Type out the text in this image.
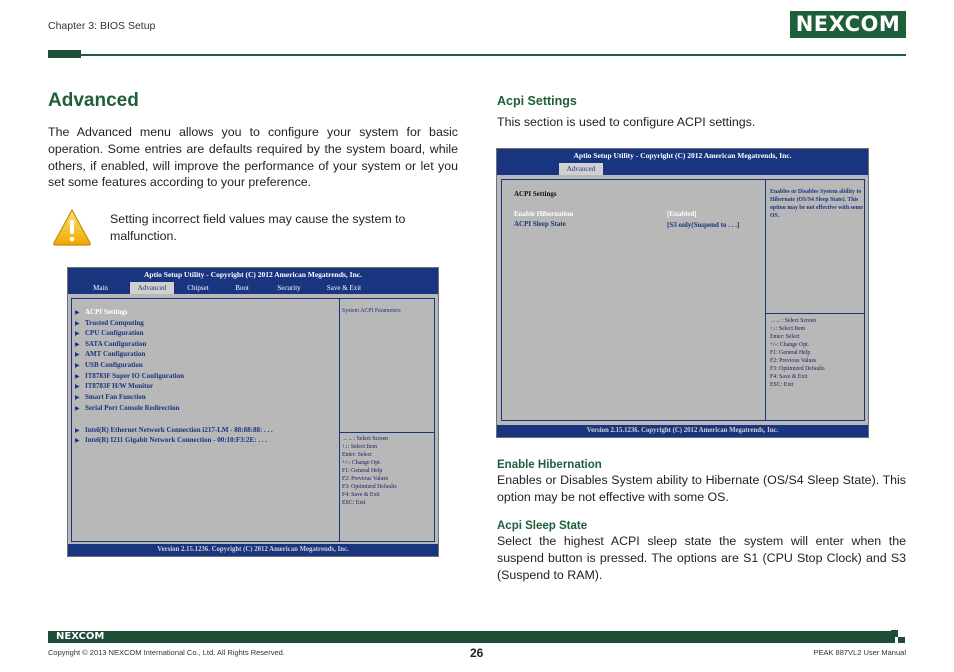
Chapter 3: BIOS Setup	NEXCOM
Advanced
The Advanced menu allows you to configure your system for basic operation. Some entries are defaults required by the system board, while others, if enabled, will improve the performance of your system or let you set some features according to your preference.
Setting incorrect field values may cause the system to malfunction.
Aptio Setup Utility - Copyright (C) 2012 American Megatrends, Inc.
Main	Advanced	Chipset	Boot	Security	Save & Exit
▶ ACPI Settings
▶ Trusted Computing
▶ CPU Configuration
▶ SATA Configuration
▶ AMT Configuration
▶ USB Configuration
▶ IT8783F Super IO Configuration
▶ IT8783F H/W Monitor
▶ Smart Fan Function
▶ Serial Port Console Redirection
▶ Intel(R) Ethernet Network Connection i217-LM - 88:88:88: . . .
▶ Intel(R) I211 Gigabit Network Connection - 00:10:F3:2E: . . .
System ACPI Parameters
→←: Select Screen
↑↓: Select Item
Enter: Select
+/-: Change Opt.
F1: General Help
F2: Previous Values
F3: Optimized Defaults
F4: Save & Exit
ESC: Exit
Version 2.15.1236. Copyright (C) 2012 American Megatrends, Inc.
Acpi Settings
This section is used to configure ACPI settings.
Aptio Setup Utility - Copyright (C) 2012 American Megatrends, Inc.
Advanced
ACPI Settings
Enable Hibernation	[Enabled]
ACPI Sleep State	[S3 only(Suspend to . . .]
Enables or Disables System ability to Hibernate (OS/S4 Sleep State). This option may be not effective with some OS.
→←: Select Screen
↑↓: Select Item
Enter: Select
+/-: Change Opt.
F1: General Help
F2: Previous Values
F3: Optimized Defaults
F4: Save & Exit
ESC: Exit
Version 2.15.1236. Copyright (C) 2012 American Megatrends, Inc.
Enable Hibernation
Enables or Disables System ability to Hibernate (OS/S4 Sleep State). This option may be not effective with some OS.
Acpi Sleep State
Select the highest ACPI sleep state the system will enter when the suspend button is pressed. The options are S1 (CPU Stop Clock) and S3 (Suspend to RAM).
NEXCOM
Copyright © 2013 NEXCOM International Co., Ltd. All Rights Reserved.	26	PEAK 887VL2 User Manual
